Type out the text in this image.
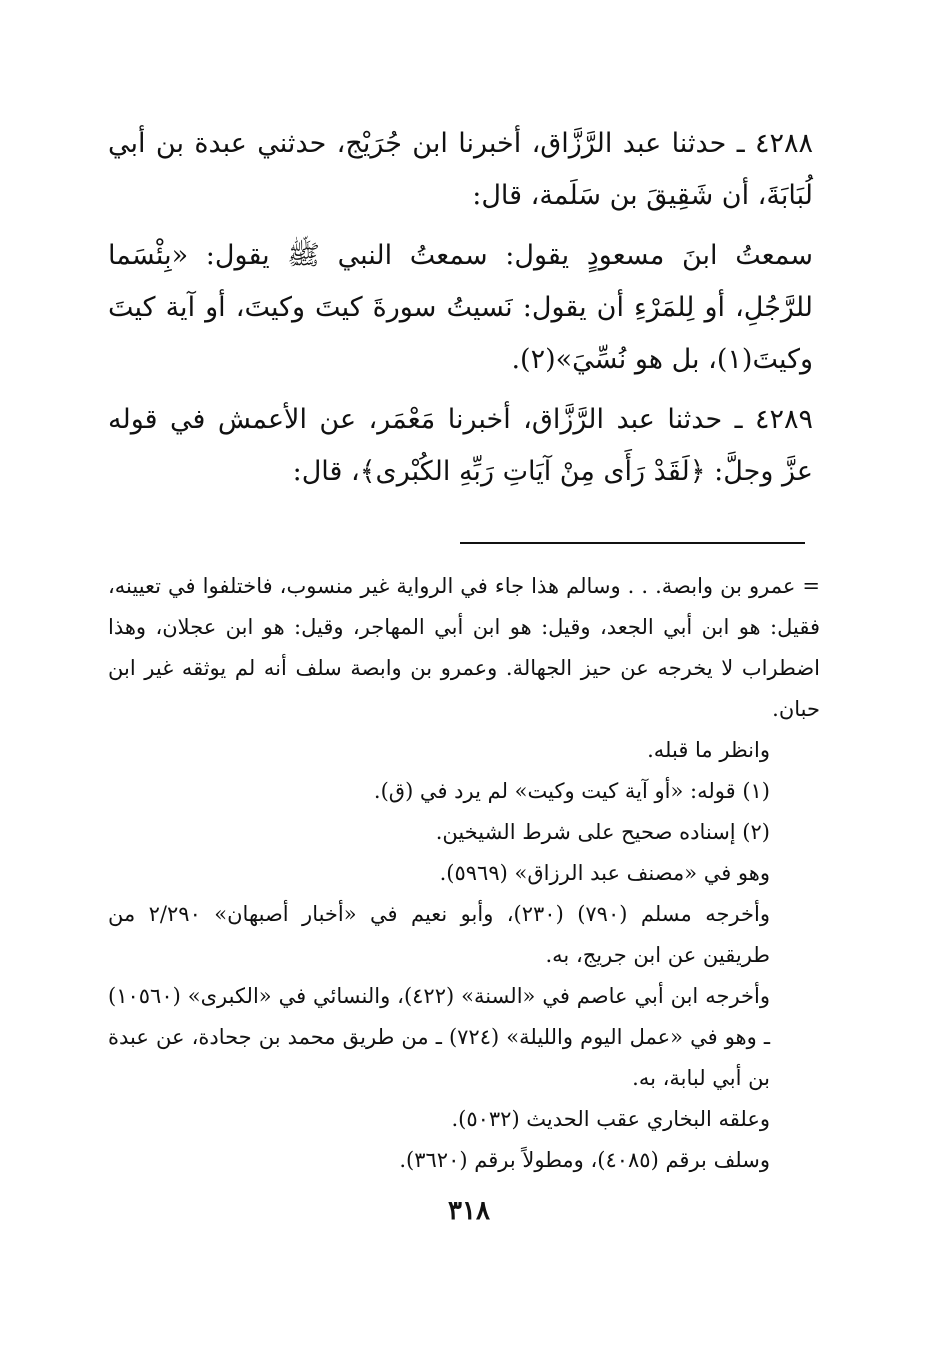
٤٢٨٨ ـ حدثنا عبد الرَّزَّاق، أخبرنا ابن جُرَيْج، حدثني عبدة بن أبي لُبَابَةَ، أن شَقِيقَ بن سَلَمة، قال:

سمعتُ ابنَ مسعودٍ يقول: سمعتُ النبي ﷺ يقول: «بِئْسَما للرَّجُلِ، أو لِلمَرْءِ أن يقول: نَسيتُ سورةَ كيتَ وكيتَ، أو آية كيتَ وكيتَ(١)، بل هو نُسِّيَ»(٢).

٤٢٨٩ ـ حدثنا عبد الرَّزَّاق، أخبرنا مَعْمَر، عن الأعمش في قوله عزَّ وجلَّ: ﴿لَقَدْ رَأَى مِنْ آيَاتِ رَبِّهِ الكُبْرى﴾، قال:

= عمرو بن وابصة. . . وسالم هذا جاء في الرواية غير منسوب، فاختلفوا في تعيينه، فقيل: هو ابن أبي الجعد، وقيل: هو ابن أبي المهاجر، وقيل: هو ابن عجلان، وهذا اضطراب لا يخرجه عن حيز الجهالة. وعمرو بن وابصة سلف أنه لم يوثقه غير ابن حبان.

وانظر ما قبله.

(١) قوله: «أو آية كيت وكيت» لم يرد في (ق).

(٢) إسناده صحيح على شرط الشيخين.

وهو في «مصنف عبد الرزاق» (٥٩٦٩).

وأخرجه مسلم (٧٩٠) (٢٣٠)، وأبو نعيم في «أخبار أصبهان» ٢/٢٩٠ من طريقين عن ابن جريج، به.

وأخرجه ابن أبي عاصم في «السنة» (٤٢٢)، والنسائي في «الكبرى» (١٠٥٦٠) ـ وهو في «عمل اليوم والليلة» (٧٢٤) ـ من طريق محمد بن جحادة، عن عبدة بن أبي لبابة، به.

وعلقه البخاري عقب الحديث (٥٠٣٢).

وسلف برقم (٤٠٨٥)، ومطولاً برقم (٣٦٢٠).

٣١٨
